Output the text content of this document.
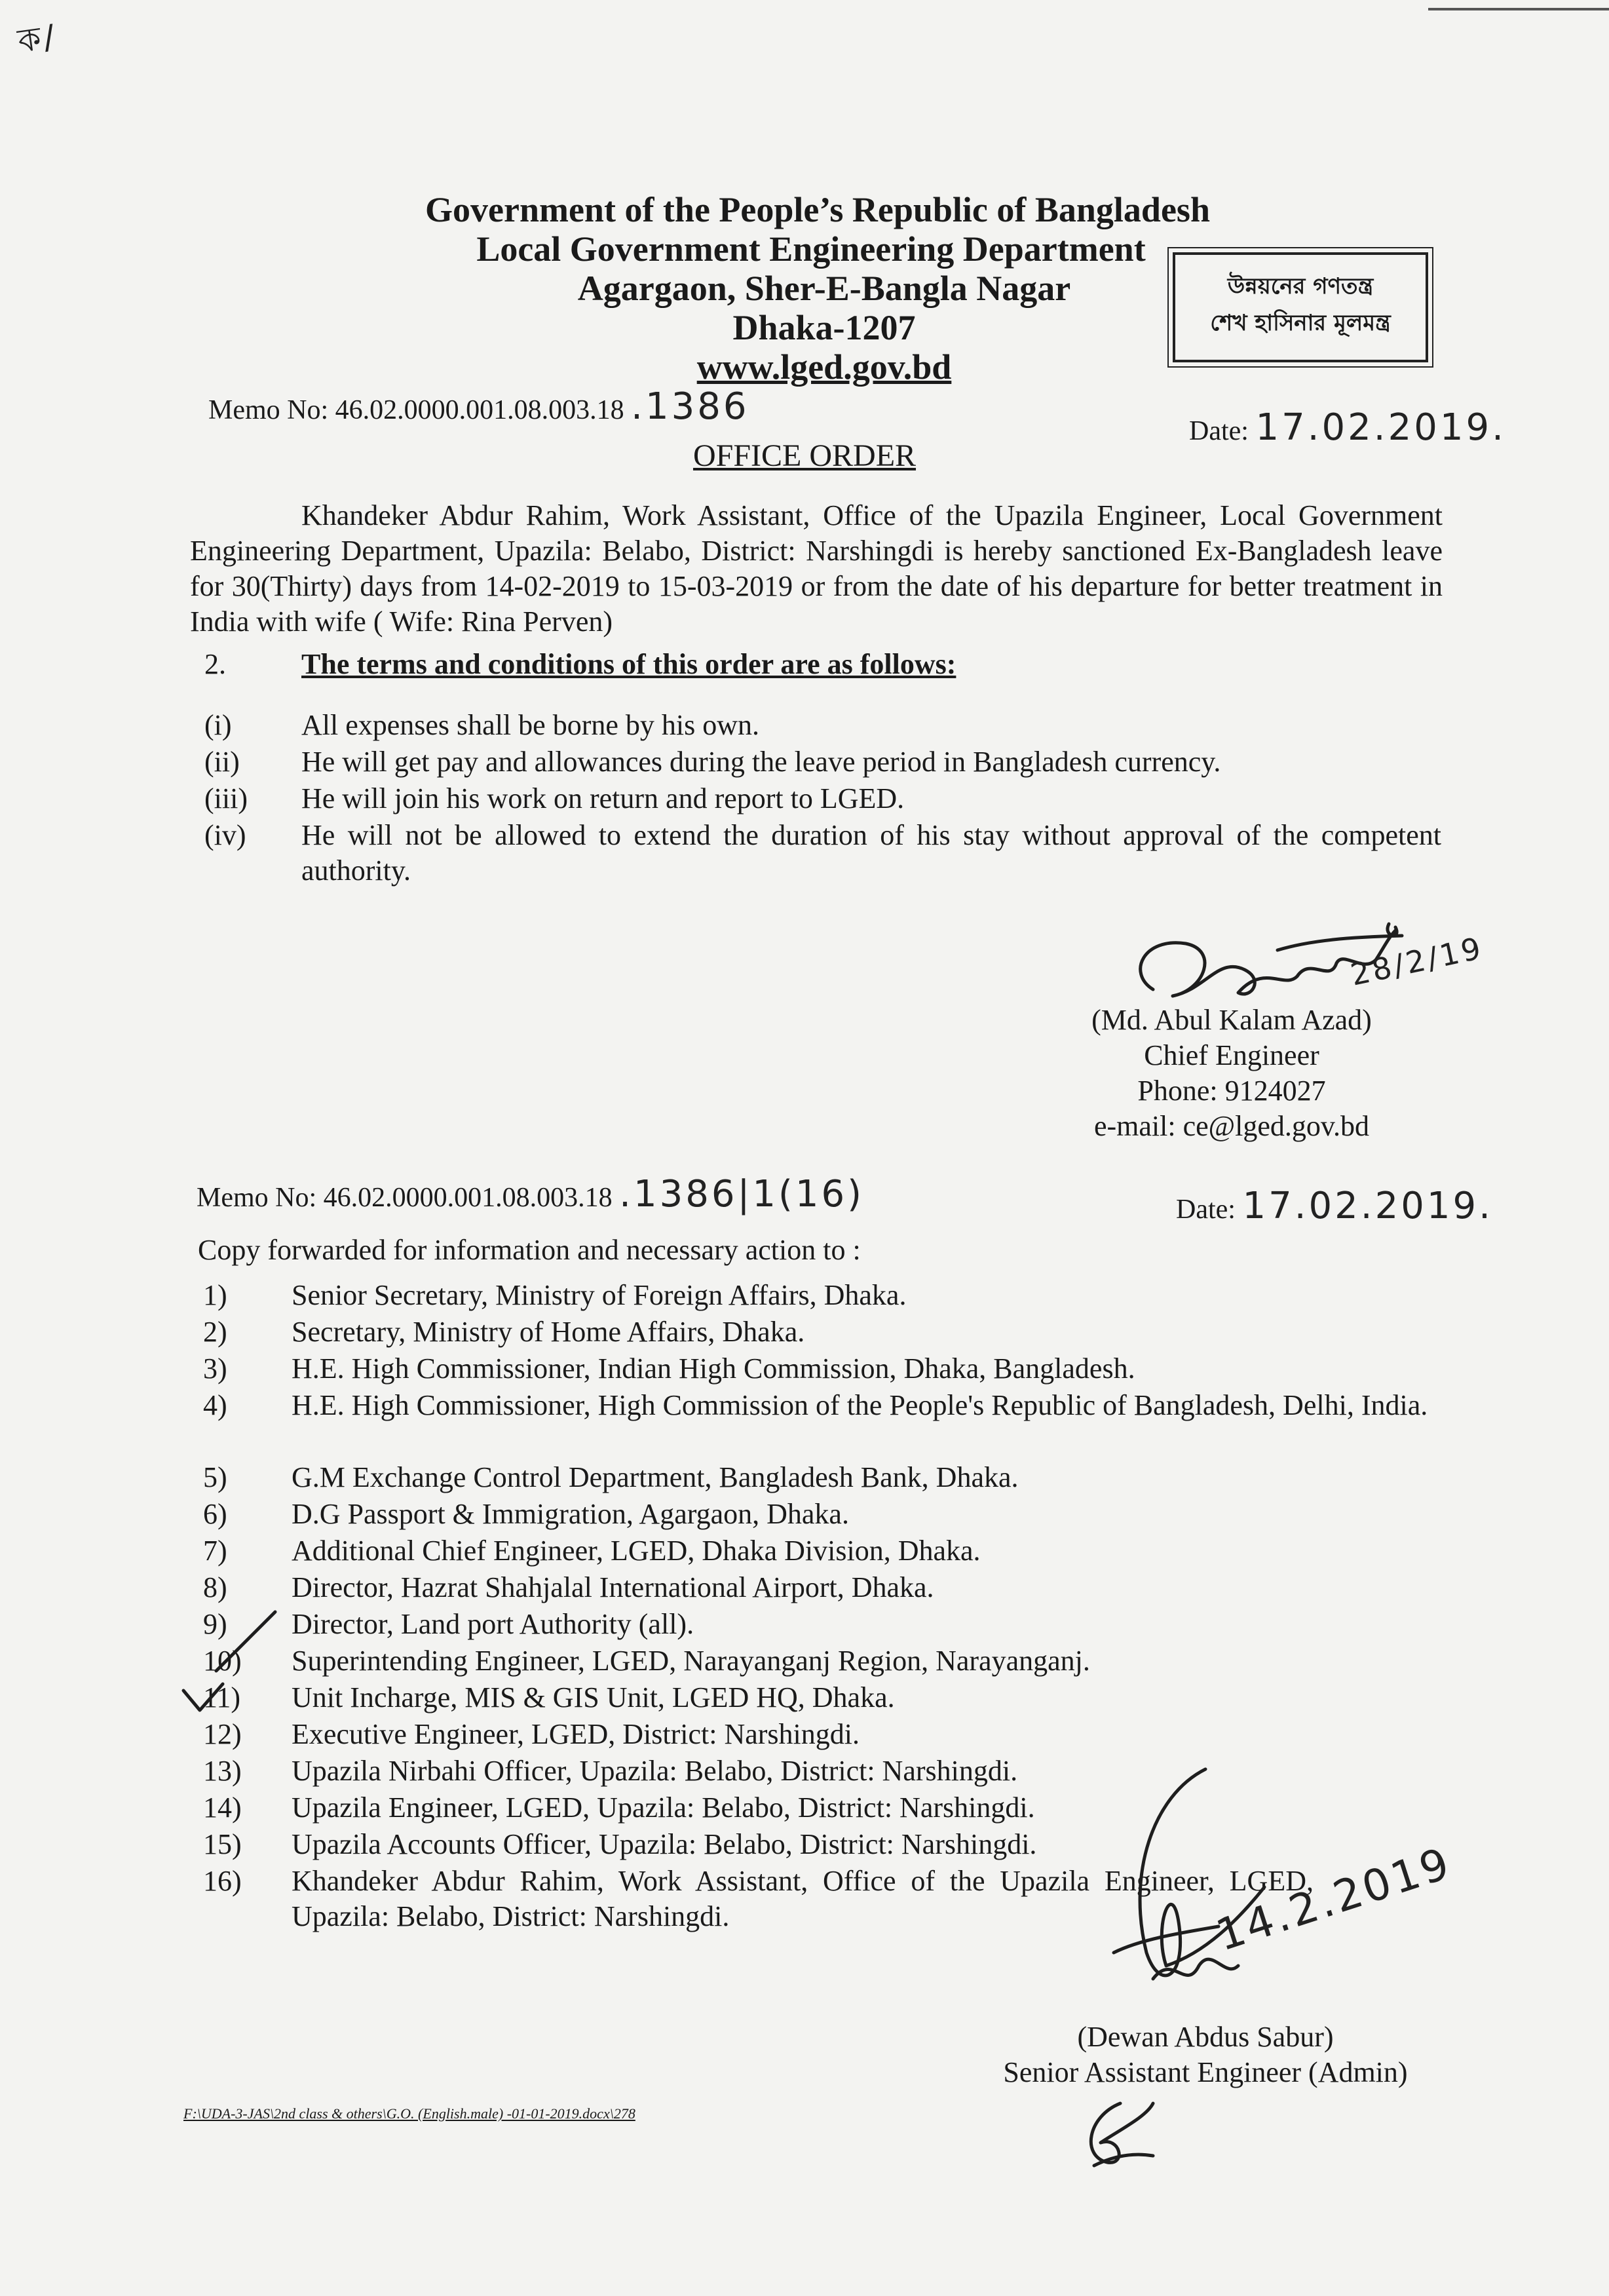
ক/
Government of the People’s Republic of Bangladesh
Local Government Engineering Department
Agargaon, Sher-E-Bangla Nagar
Dhaka-1207
www.lged.gov.bd
উন্নয়নের গণতন্ত্র
শেখ হাসিনার মূলমন্ত্র
Memo No: 46.02.0000.001.08.003.18 .1386
Date: 17.02.2019.
OFFICE ORDER
Khandeker Abdur Rahim, Work Assistant, Office of the Upazila Engineer, Local Government Engineering Department, Upazila: Belabo, District: Narshingdi is hereby sanctioned Ex-Bangladesh leave for 30(Thirty) days from 14-02-2019 to 15-03-2019 or from the date of his departure for better treatment in India with wife ( Wife: Rina Perven)
2.	The terms and conditions of this order are as follows:
(i) All expenses shall be borne by his own.
(ii) He will get pay and allowances during the leave period in Bangladesh currency.
(iii) He will join his work on return and report to LGED.
(iv) He will not be allowed to extend the duration of his stay without approval of the competent authority.
28/2/19
(Md. Abul Kalam Azad)
Chief Engineer
Phone: 9124027
e-mail: ce@lged.gov.bd
Memo No: 46.02.0000.001.08.003.18 .1386|1(16)	Date: 17.02.2019.
Copy forwarded for information and necessary action to :
1)	Senior Secretary, Ministry of Foreign Affairs, Dhaka.
2)	Secretary, Ministry of Home Affairs, Dhaka.
3)	H.E. High Commissioner, Indian High Commission, Dhaka, Bangladesh.
4)	H.E. High Commissioner, High Commission of the People's Republic of Bangladesh, Delhi, India.
5)	G.M Exchange Control Department, Bangladesh Bank, Dhaka.
6)	D.G Passport & Immigration, Agargaon, Dhaka.
7)	Additional Chief Engineer, LGED, Dhaka Division, Dhaka.
8)	Director, Hazrat Shahjalal International Airport, Dhaka.
9)	Director, Land port Authority (all).
10)	Superintending Engineer, LGED, Narayanganj Region, Narayanganj.
11)	Unit Incharge, MIS & GIS Unit, LGED HQ, Dhaka.
12)	Executive Engineer, LGED, District: Narshingdi.
13)	Upazila Nirbahi Officer, Upazila: Belabo, District: Narshingdi.
14)	Upazila Engineer, LGED, Upazila: Belabo, District: Narshingdi.
15)	Upazila Accounts Officer, Upazila: Belabo, District: Narshingdi.
16)	Khandeker Abdur Rahim, Work Assistant, Office of the Upazila Engineer, LGED, Upazila: Belabo, District: Narshingdi.	14.2.2019
(Dewan Abdus Sabur)
Senior Assistant Engineer (Admin)
F:\UDA-3-JAS\2nd class & others\G.O. (English.male) -01-01-2019.docx\278
